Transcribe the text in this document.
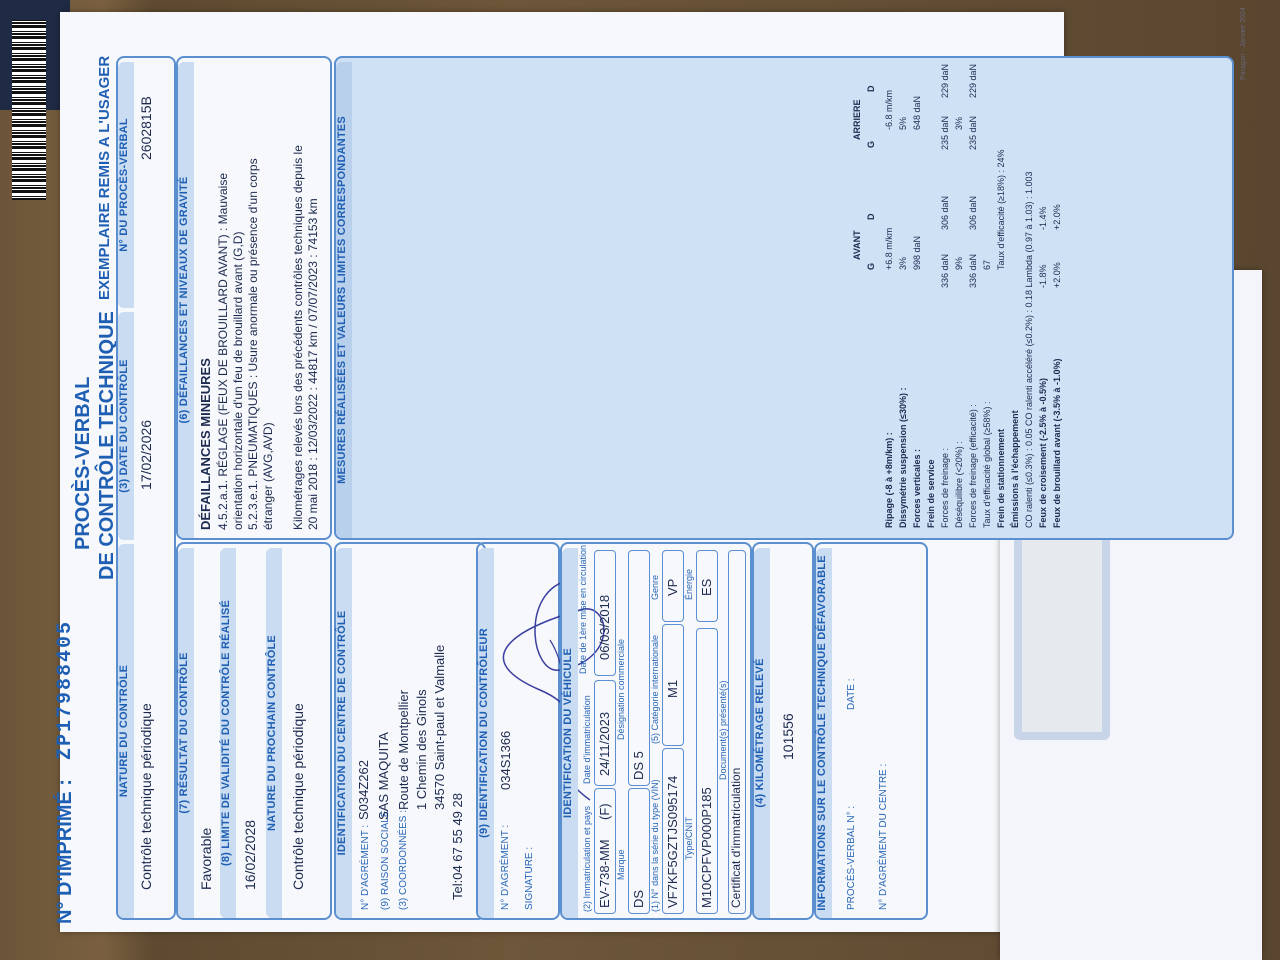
PROCÈS-VERBAL DE CONTRÔLE TECHNIQUE
N° D'IMPRIMÉ :
ZP17988405
EXEMPLAIRE REMIS A L'USAGER
NATURE DU CONTRÔLE Contrôle technique périodique
(3) DATE DU CONTRÔLE 17/02/2026
N° DU PROCÈS-VERBAL 2602815B
(7) RÉSULTAT DU CONTRÔLE
Favorable (8) LIMITE DE VALIDITÉ DU CONTRÔLE RÉALISÉ 16/02/2028
NATURE DU PROCHAIN CONTRÔLE Contrôle technique périodique
(6) DÉFAILLANCES ET NIVEAUX DE GRAVITÉ
DÉFAILLANCES MINEURES 4.5.2.a.1. RÉGLAGE (FEUX DE BROUILLARD AVANT) : Mauvaise orientation horizontale d'un feu de brouillard avant (G,D) 5.2.3.e.1. PNEUMATIQUES : Usure anormale ou présence d'un corps étranger (AVG,AVD) Kilométrages relevés lors des précédents contrôles techniques depuis le 20 mai 2018 : 12/03/2022 : 44817 km / 07/07/2023 : 74153 km
IDENTIFICATION DU CENTRE DE CONTRÔLE
N° D'AGRÉMENT :
S034Z262
(9) RAISON SOCIALE
SAS MAQUITA
(3) COORDONNÉES :
Route de Montpellier 1 Chemin des Ginols 34570 Saint-paul et Valmalle
Tel:04 67 55 49 28
(9) IDENTIFICATION DU CONTRÔLEUR
N° D'AGRÉMENT :
034S1366
SIGNATURE :
IDENTIFICATION DU VÉHICULE
(2) Immatriculation et pays
Date d'immatriculation
Date de 1ère mise en circulation
EV-738-MM
(F)
24/11/2023
06/03/2018
Marque
Désignation commerciale
DS
DS 5
(1) N° dans la série du type (VIN)
(5) Catégorie internationale
Genre
VF7KF5GZTJS095174
M1
VP
Type/CNIT
Énergie
M10CPFVP000P185
ES
Document(s) présenté(s)
Certificat d'immatriculation
(4) KILOMÉTRAGE RELEVÉ 101556 INFORMATIONS SUR LE CONTRÔLE TECHNIQUE DÉFAVORABLE	PROCÈS-VERBAL N° :
DATE :
N° D'AGRÉMENT DU CENTRE :
MESURES RÉALISÉES ET VALEURS LIMITES CORRESPONDANTES	AVANT
ARRIERE
G
D
G
D
Ripage (-8 à +8m/km) :
+6.8 m/km
-6.8 m/km
Dissymétrie suspension (≤30%) :
3%
5%
Forces verticales :
998 daN
648 daN
Frein de service Forces de freinage :
336 daN
306 daN
235 daN
229 daN
Déséquilibre (<20%) :
9%
3%
Forces de freinage (efficacité) :
336 daN
306 daN
235 daN
229 daN
Taux d'efficacité global (≥58%) :
67
Frein de stationnement
Taux d'efficacité (≥18%) : 24%
Émissions à l'échappement CO ralenti (≤0.3%) : 0.05 CO ralenti accéléré (≤0.2%) : 0.18 Lambda (0.97 à 1.03) : 1.003 Feux de croisement (-2.5% à -0.5%)
-1.8%
-1.4%
Feux de brouillard avant (-3.5% à -1.0%)
+2.0%
+2.0%
Paragon - Janvier 2024
